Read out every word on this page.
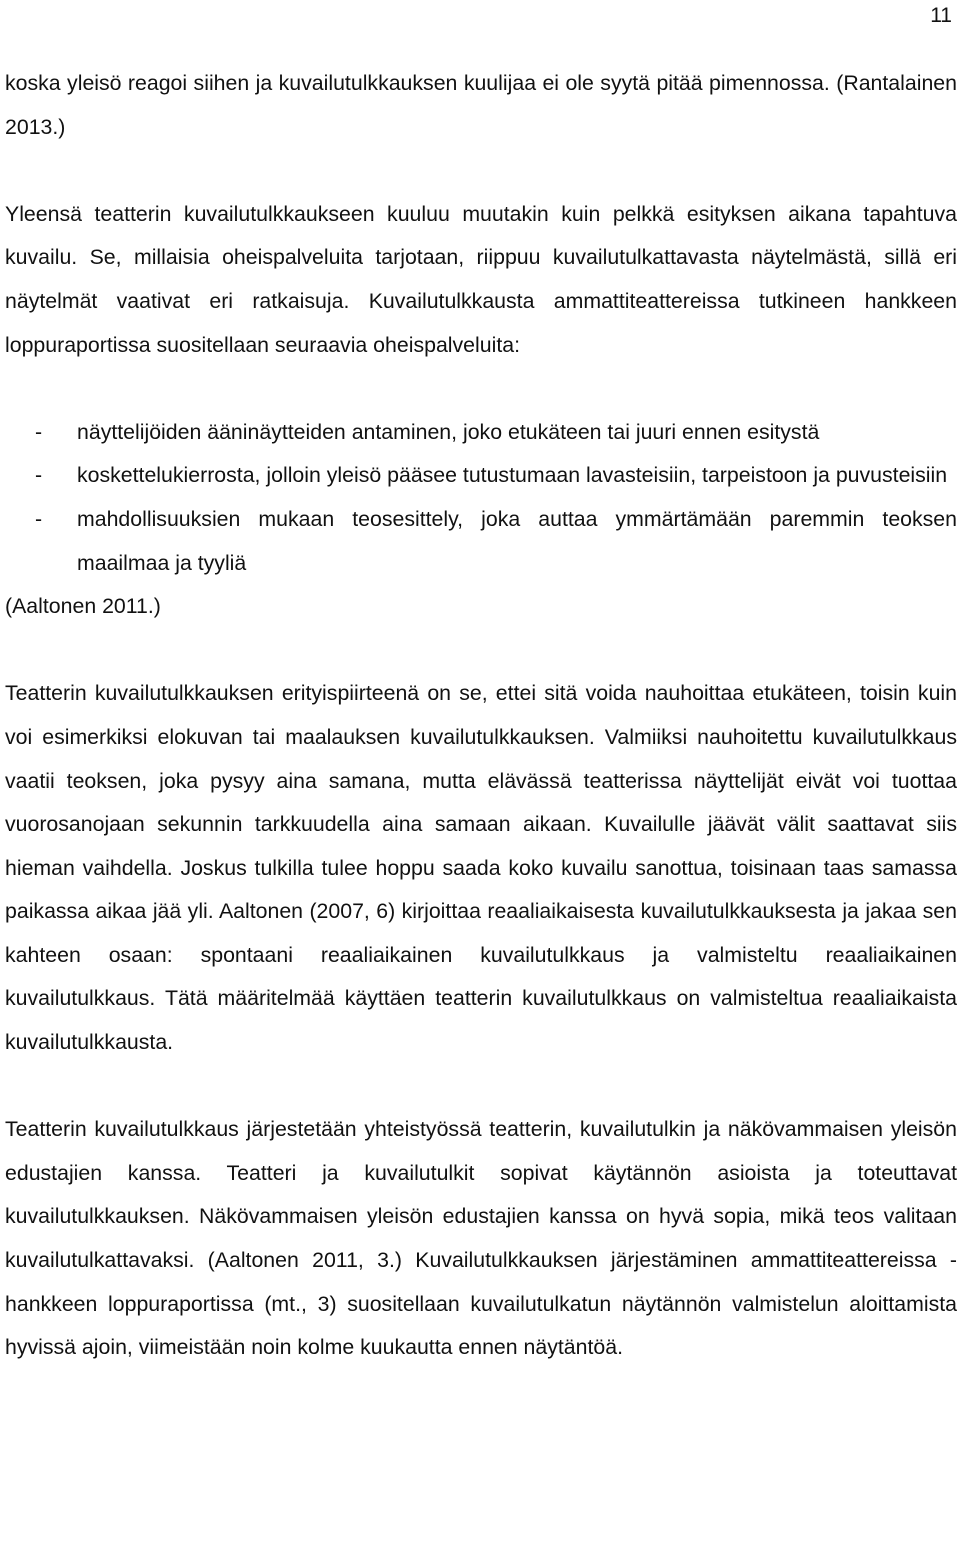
11

koska yleisö reagoi siihen ja kuvailutulkkauksen kuulijaa ei ole syytä pitää pimennossa. (Rantalainen 2013.)

Yleensä teatterin kuvailutulkkaukseen kuuluu muutakin kuin pelkkä esityksen aikana tapahtuva kuvailu. Se, millaisia oheispalveluita tarjotaan, riippuu kuvailutulkattavasta näytelmästä, sillä eri näytelmät vaativat eri ratkaisuja. Kuvailutulkkausta ammattiteattereissa tutkineen hankkeen loppuraportissa suositellaan seuraavia oheispalveluita:

- näyttelijöiden ääninäytteiden antaminen, joko etukäteen tai juuri ennen esitystä
- koskettelukierrosta, jolloin yleisö pääsee tutustumaan lavasteisiin, tarpeistoon ja puvusteisiin
- mahdollisuuksien mukaan teosesittely, joka auttaa ymmärtämään paremmin teoksen maailmaa ja tyyliä

(Aaltonen 2011.)

Teatterin kuvailutulkkauksen erityispiirteenä on se, ettei sitä voida nauhoittaa etukäteen, toisin kuin voi esimerkiksi elokuvan tai maalauksen kuvailutulkkauksen. Valmiiksi nauhoitettu kuvailutulkkaus vaatii teoksen, joka pysyy aina samana, mutta elävässä teatterissa näyttelijät eivät voi tuottaa vuorosanojaan sekunnin tarkkuudella aina samaan aikaan. Kuvailulle jäävät välit saattavat siis hieman vaihdella. Joskus tulkilla tulee hoppu saada koko kuvailu sanottua, toisinaan taas samassa paikassa aikaa jää yli. Aaltonen (2007, 6) kirjoittaa reaaliaikaisesta kuvailutulkkauksesta ja jakaa sen kahteen osaan: spontaani reaaliaikainen kuvailutulkkaus ja valmisteltu reaaliaikainen kuvailutulkkaus. Tätä määritelmää käyttäen teatterin kuvailutulkkaus on valmisteltua reaaliaikaista kuvailutulkkausta.

Teatterin kuvailutulkkaus järjestetään yhteistyössä teatterin, kuvailutulkin ja näkövammaisen yleisön edustajien kanssa. Teatteri ja kuvailutulkit sopivat käytännön asioista ja toteuttavat kuvailutulkkauksen. Näkövammaisen yleisön edustajien kanssa on hyvä sopia, mikä teos valitaan kuvailutulkattavaksi. (Aaltonen 2011, 3.) Kuvailutulkkauksen järjestäminen ammattiteattereissa -hankkeen loppuraportissa (mt., 3) suositellaan kuvailutulkatun näytännön valmistelun aloittamista hyvissä ajoin, viimeistään noin kolme kuukautta ennen näytäntöä.
